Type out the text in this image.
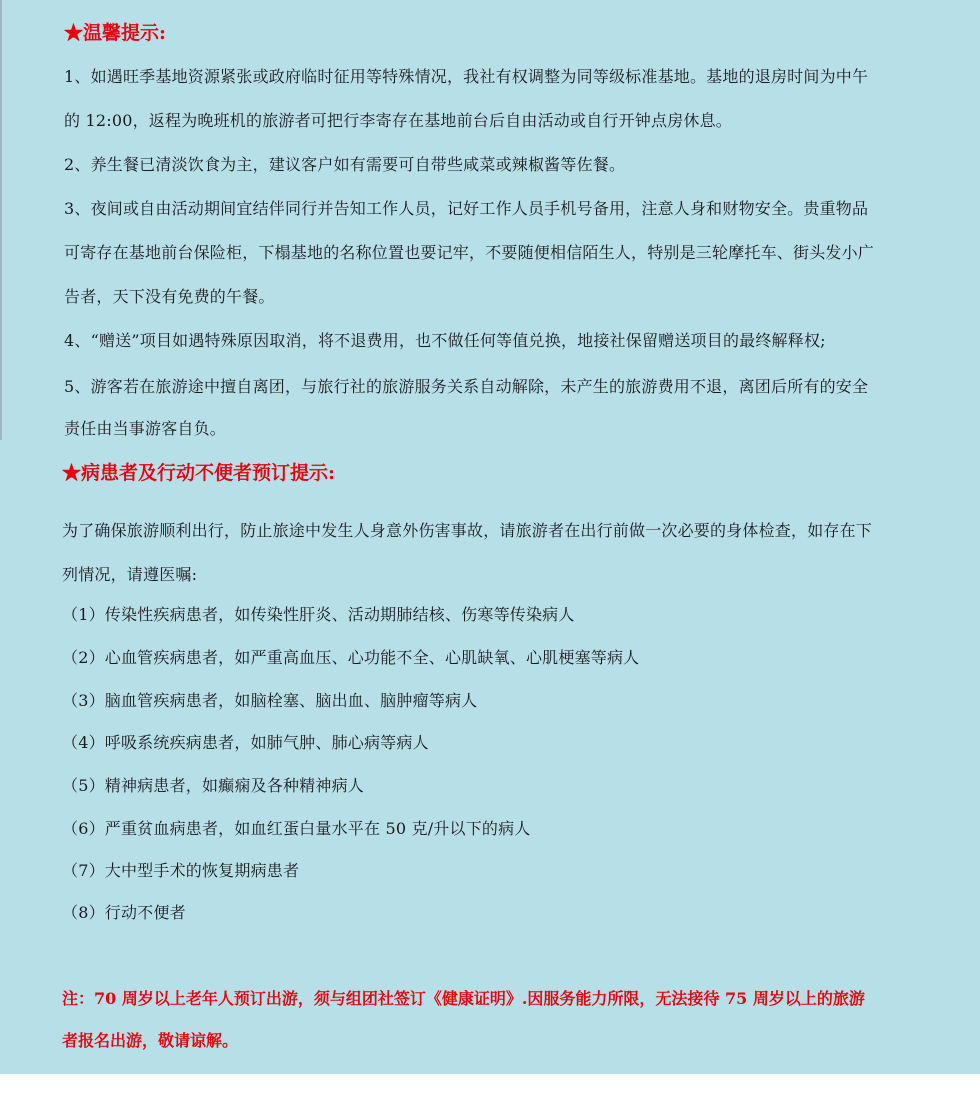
★温馨提示:
1、如遇旺季基地资源紧张或政府临时征用等特殊情况，我社有权调整为同等级标准基地。基地的退房时间为中午
的 12:00，返程为晚班机的旅游者可把行李寄存在基地前台后自由活动或自行开钟点房休息。
2、养生餐已清淡饮食为主，建议客户如有需要可自带些咸菜或辣椒酱等佐餐。
3、夜间或自由活动期间宜结伴同行并告知工作人员，记好工作人员手机号备用，注意人身和财物安全。贵重物品
可寄存在基地前台保险柜，下榻基地的名称位置也要记牢，不要随便相信陌生人，特别是三轮摩托车、街头发小广
告者，天下没有免费的午餐。
4、“赠送”项目如遇特殊原因取消，将不退费用，也不做任何等值兑换，地接社保留赠送项目的最终解释权;
5、游客若在旅游途中擅自离团，与旅行社的旅游服务关系自动解除，未产生的旅游费用不退，离团后所有的安全
责任由当事游客自负。
★病患者及行动不便者预订提示:
为了确保旅游顺利出行，防止旅途中发生人身意外伤害事故，请旅游者在出行前做一次必要的身体检查，如存在下
列情况，请遵医嘱:
（1）传染性疾病患者，如传染性肝炎、活动期肺结核、伤寒等传染病人
（2）心血管疾病患者，如严重高血压、心功能不全、心肌缺氧、心肌梗塞等病人
（3）脑血管疾病患者，如脑栓塞、脑出血、脑肿瘤等病人
（4）呼吸系统疾病患者，如肺气肿、肺心病等病人
（5）精神病患者，如癫痫及各种精神病人
（6）严重贫血病患者，如血红蛋白量水平在 50 克/升以下的病人
（7）大中型手术的恢复期病患者
（8）行动不便者
注：70 周岁以上老年人预订出游，须与组团社签订《健康证明》.因服务能力所限，无法接待 75 周岁以上的旅游
者报名出游，敬请谅解。
